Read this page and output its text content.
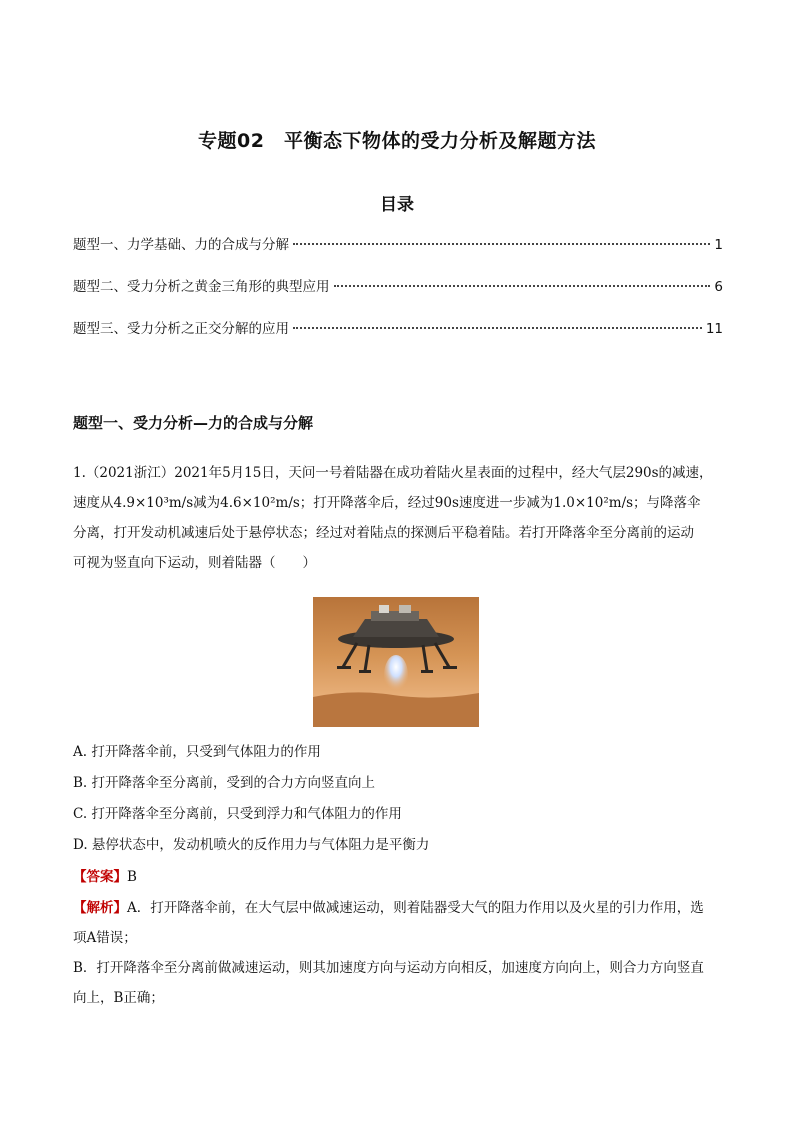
专题02　平衡态下物体的受力分析及解题方法
目录
题型一、力学基础、力的合成与分解	1
题型二、受力分析之黄金三角形的典型应用	6
题型三、受力分析之正交分解的应用	11
题型一、受力分析—力的合成与分解

1.（2021浙江）2021年5月15日，天问一号着陆器在成功着陆火星表面的过程中，经大气层290s的减速，

速度从4.9×10³m/s减为4.6×10²m/s；打开降落伞后，经过90s速度进一步减为1.0×10²m/s；与降落伞

分离，打开发动机减速后处于悬停状态；经过对着陆点的探测后平稳着陆。若打开降落伞至分离前的运动

可视为竖直向下运动，则着陆器（　　）

A. 打开降落伞前，只受到气体阻力的作用
B. 打开降落伞至分离前，受到的合力方向竖直向上
C. 打开降落伞至分离前，只受到浮力和气体阻力的作用
D. 悬停状态中，发动机喷火的反作用力与气体阻力是平衡力
【答案】B

【解析】A．打开降落伞前，在大气层中做减速运动，则着陆器受大气的阻力作用以及火星的引力作用，选

项A错误；

B．打开降落伞至分离前做减速运动，则其加速度方向与运动方向相反，加速度方向向上，则合力方向竖直

向上，B正确；
